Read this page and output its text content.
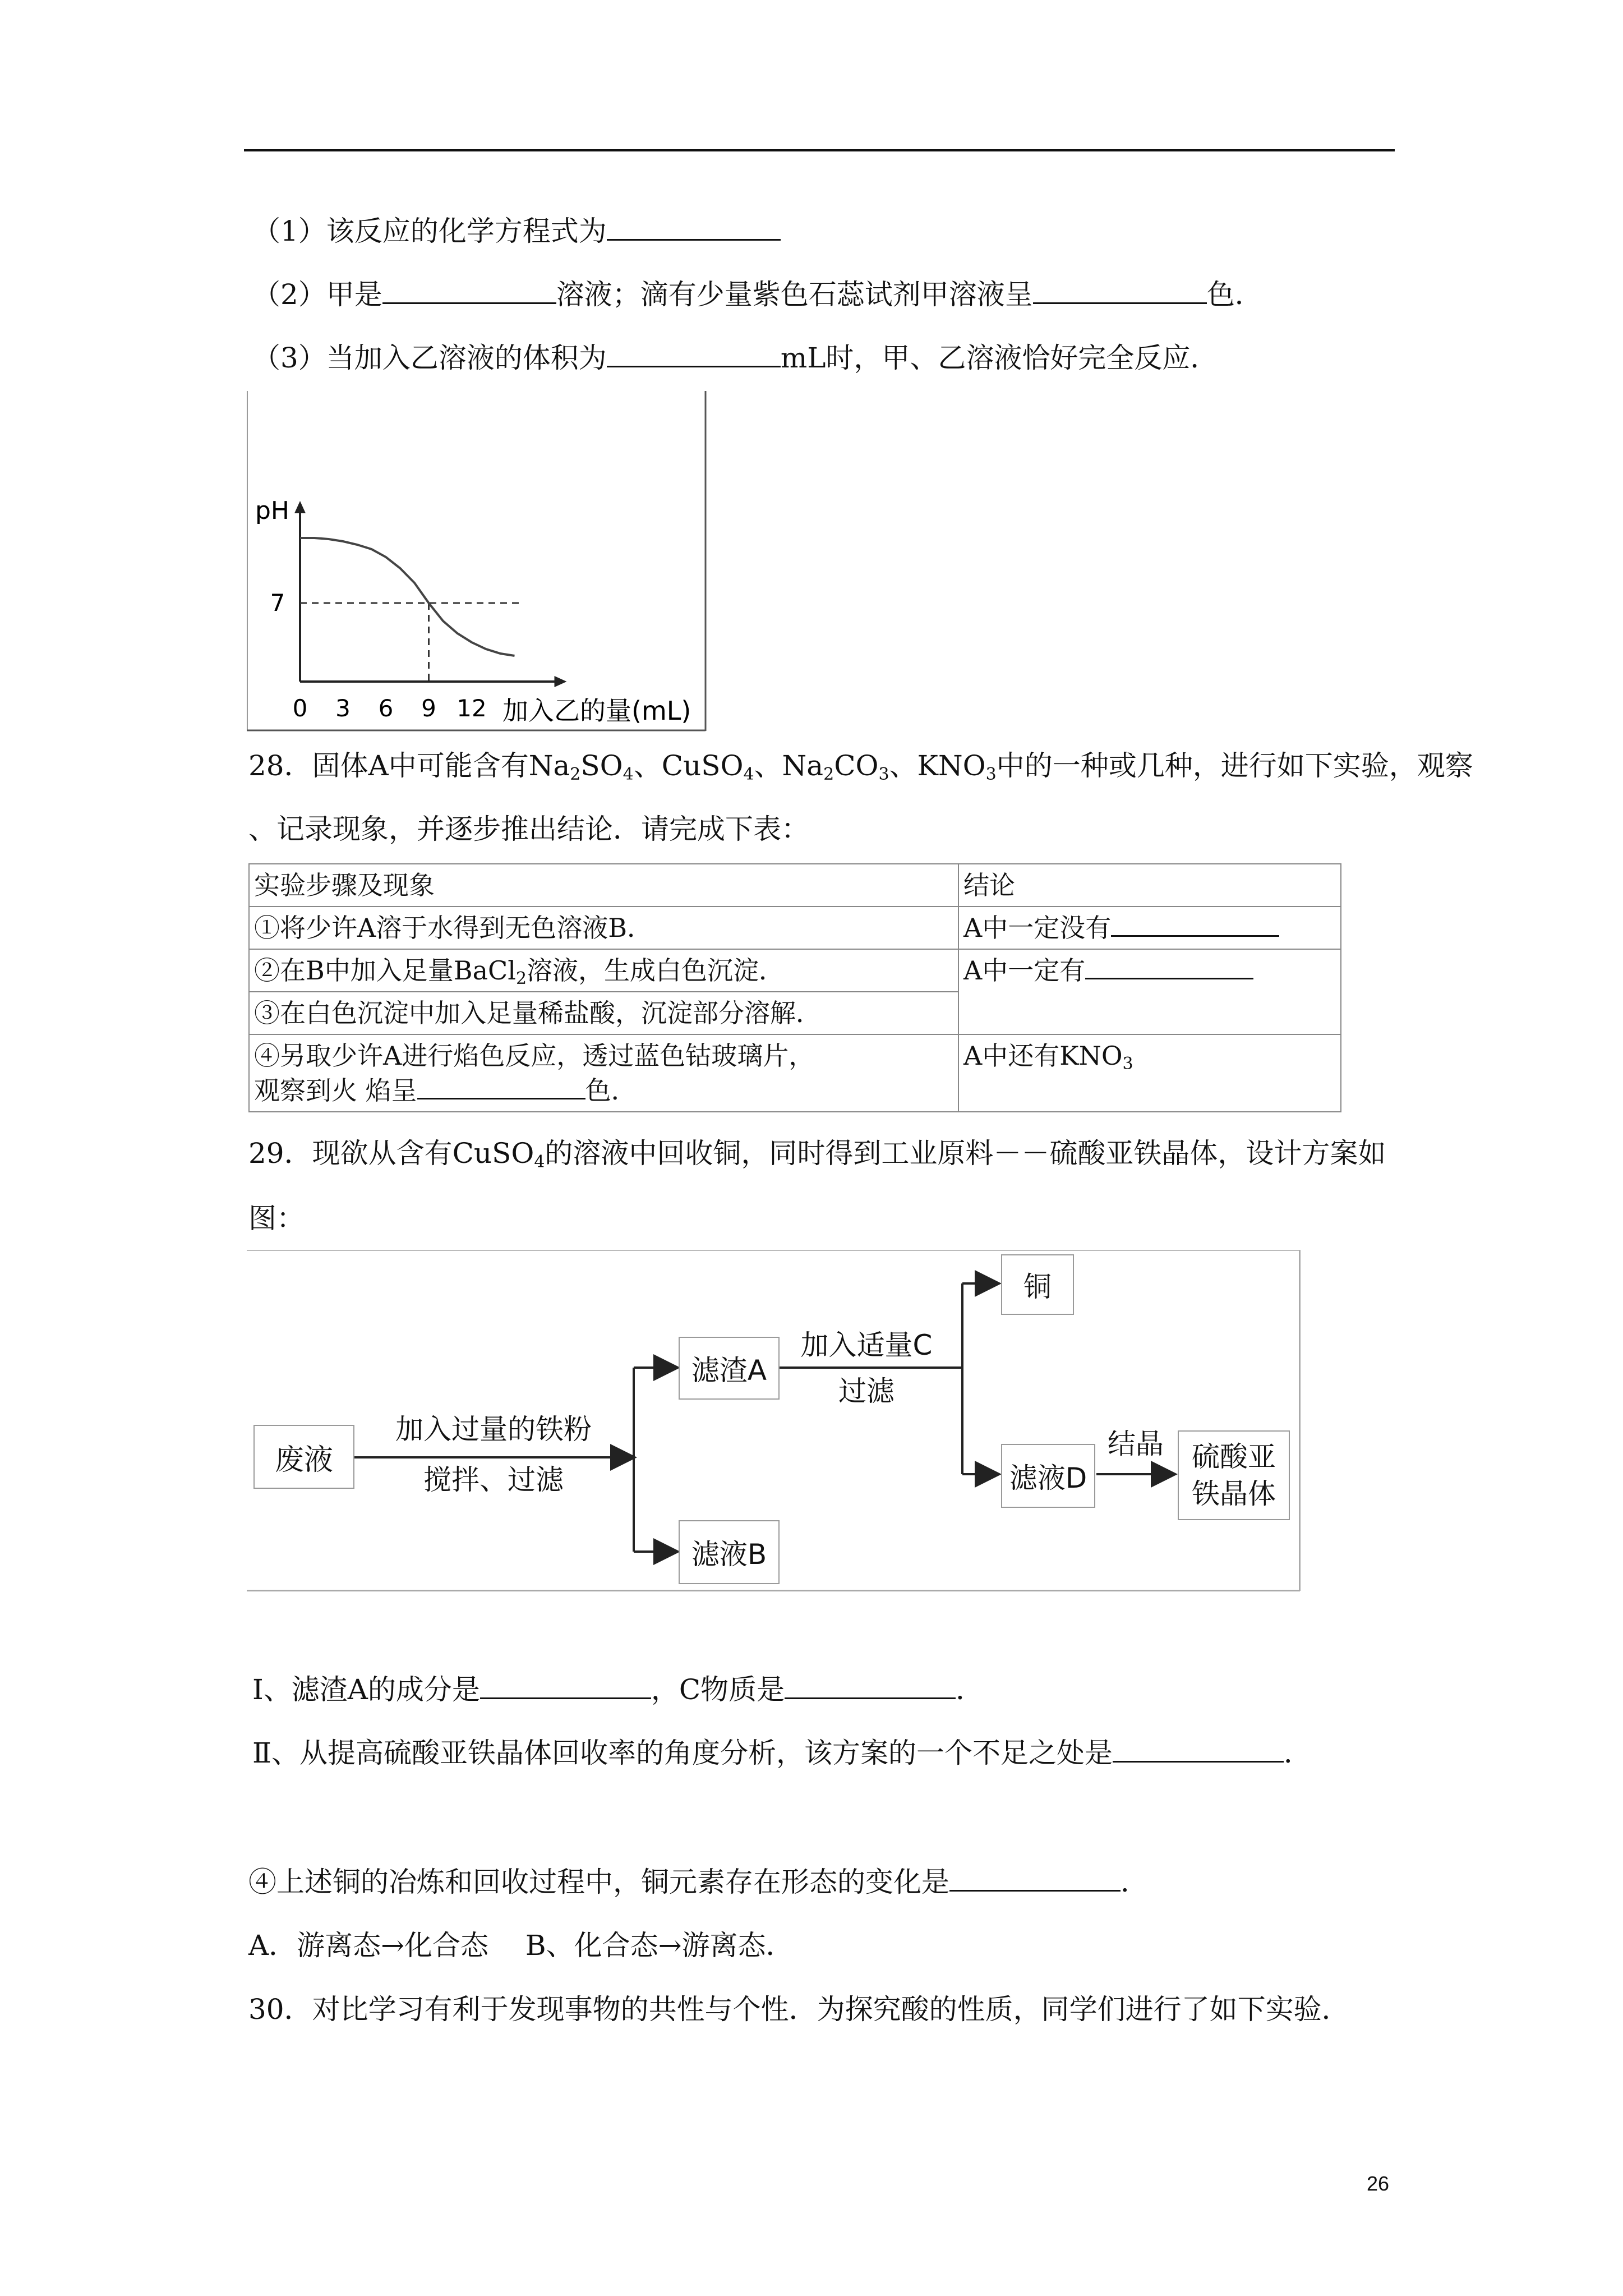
（1）该反应的化学方程式为
（2）甲是	溶液；滴有少量紫色石蕊试剂甲溶液呈	色．
（3）当加入乙溶液的体积为	mL时，甲、乙溶液恰好完全反应．
pH
0 3 6 9 12 加入乙的量(mL)
7
28．固体A中可能含有$Na_2SO_4$、CuSO$_4$、$Na_2CO_3$、$KNO_3$中的一种或几种，进行如下实验，观察
、记录现象，并逐步推出结论．请完成下表：
实验步骤及现象	结论
①将少许A溶于水得到无色溶液B．	A中一定没有
②在B中加入足量BaCl$_2$溶液，生成白色沉淀．	A中一定有
③在白色沉淀中加入足量稀盐酸，沉淀部分溶解．	
④另取少许A进行焰色反应，透过蓝色钴玻璃片，
观察到火 焰呈 色．	A中还有$KNO_3$
29．现欲从含有CuSO$_4$的溶液中回收铜，同时得到工业原料－－硫酸亚铁晶体，设计方案如
图：
废液
加入过量的铁粉
搅拌、过滤
滤渣A
滤液B
加入适量C
过滤
铜
滤液D
结晶	硫酸亚
铁晶体
Ⅰ、滤渣A的成分是	，C物质是	．
Ⅱ、从提高硫酸亚铁晶体回收率的角度分析，该方案的一个不足之处是	．
④上述铜的冶炼和回收过程中，铜元素存在形态的变化是	．
A．游离态→化合态　 B、化合态→游离态．
30．对比学习有利于发现事物的共性与个性．为探究酸的性质，同学们进行了如下实验．
26
